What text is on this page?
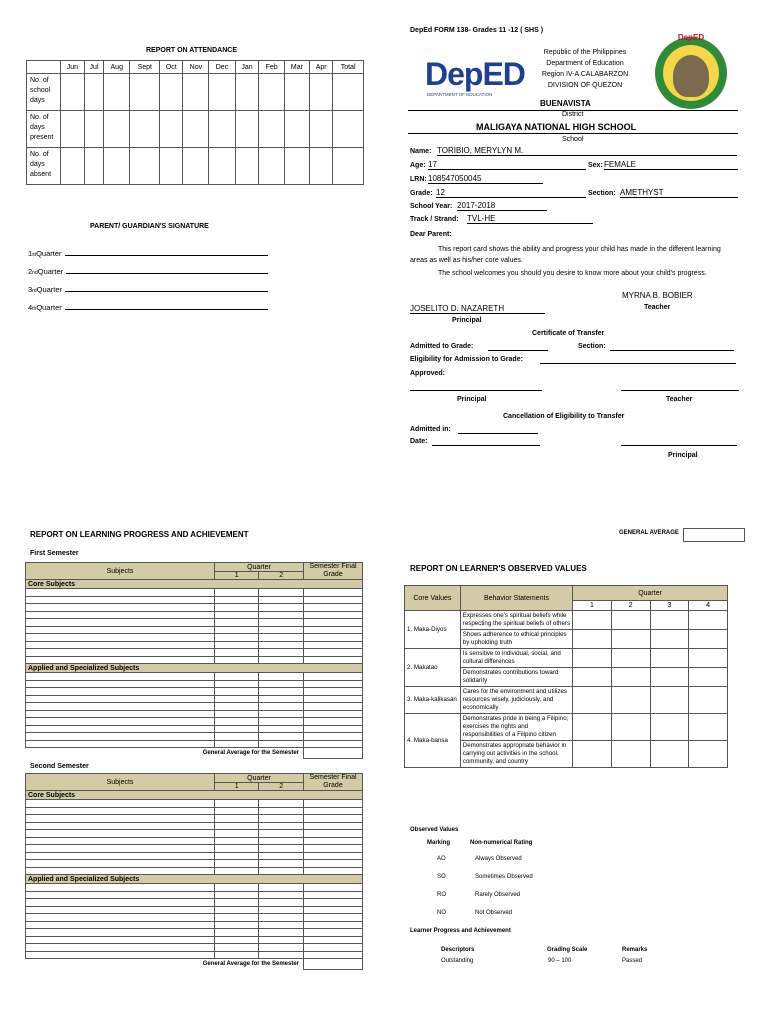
REPORT ON ATTENDANCE
	Jun	Jul	Aug	Sept	Oct	Nov	Dec	Jan	Feb	Mar	Apr	Total
No. of school days												
No. of days present												
No. of days absent												
PARENT/ GUARDIAN'S SIGNATURE
$1_{st}$ Quarter
$2_{nd}$ Quarter
$3_{rd}$ Quarter
$4_{th}$ Quarter
DepEd FORM 138- Grades 11 -12 ( SHS )
DepED
DEPARTMENT OF EDUCATION
Republic of the Philippines
Department of Education
Region IV-A CALABARZON
DIVISION OF QUEZON
DepED
BUENAVISTA
District
MALIGAYA NATIONAL HIGH SCHOOL
School
Name: TORIBIO, MERYLYN M.
Age: 17	Sex: FEMALE
LRN: 108547050045
Grade: 12	Section: AMETHYST
School Year: 2017-2018
Track / Strand: TVL-HE
Dear Parent:
This report card shows the ability and progress your child has made in the different learning areas as well as his/her core values.
The school welcomes you should you desire to know more about your child's progress.
MYRNA B. BOBIER
Teacher
JOSELITO D. NAZARETH
Principal
Certificate of Transfer
Admitted to Grade:	Section:
Eligibility for Admission to Grade:
Approved:
Principal	Teacher
Cancellation of Eligibility to Transfer
Admitted in:
Date:
Principal
REPORT ON LEARNING PROGRESS AND ACHIEVEMENT	GENERAL AVERAGE
First Semester
Subjects	Quarter		Semester Final Grade
	1	2	
Core Subjects			

Applied and Specialized Subjects			

General Average for the Semester			
Second Semester
Subjects	Quarter		Semester Final Grade
	1	2	
Core Subjects			

Applied and Specialized Subjects			

General Average for the Semester			
REPORT ON LEARNER'S OBSERVED VALUES
Core Values	Behavior Statements	Quarter			
		1	2	3	4
1. Maka-Diyos	Expresses one's spiritual beliefs while respecting the spiritual beliefs of others				
	Shows adherence to ethical principles by upholding truth				
2. Makatao	Is sensitive to individual, social, and cultural differences				
	Demonstrates contributions toward solidarity				
3. Maka-kalikasan	Cares for the environment and utilizes resources wisely, judiciously, and economically				
4. Maka-bansa	Demonstrates pride in being a Filipino; exercises the rights and responsibilities of a Filipino citizen				
	Demonstrates appropriate behavior in carrying out activities in the school, community, and country				
Observed Values
Marking	Non-numerical Rating
AO	Always Observed
SO	Sometimes Observed
RO	Rarely Observed
NO	Not Observed
Learner Progress and Achievement
Descriptors	Grading Scale	Remarks
Outstanding	90 – 100	Passed
